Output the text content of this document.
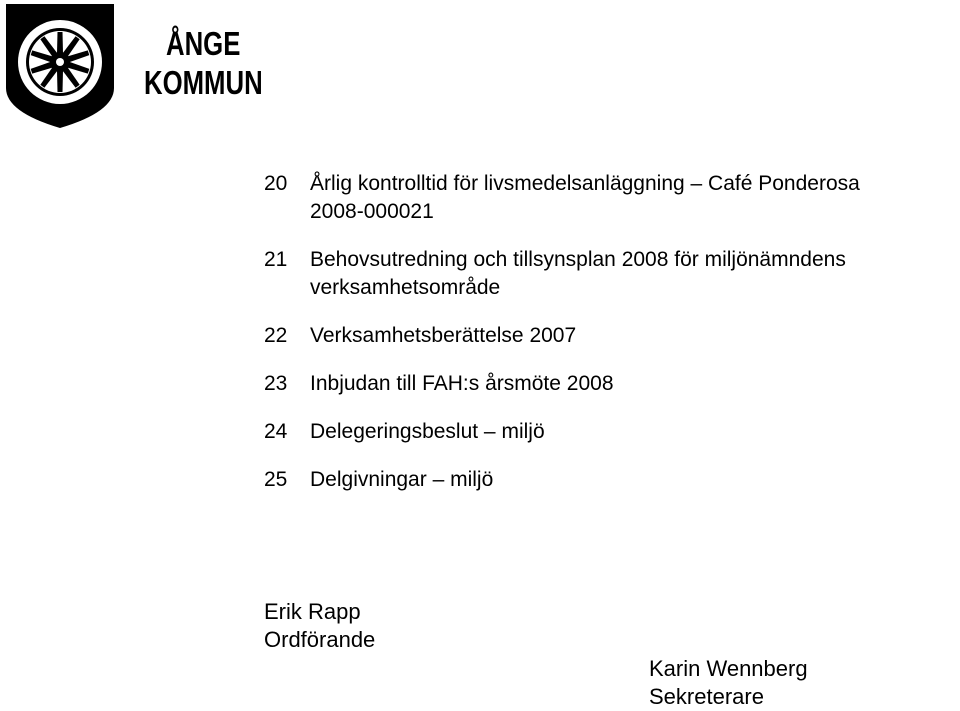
ÅNGE
KOMMUN
20	Årlig kontrolltid för livsmedelsanläggning – Café Ponderosa
2008-000021
21	Behovsutredning och tillsynsplan 2008 för miljönämndens
verksamhetsområde
22	Verksamhetsberättelse 2007
23	Inbjudan till FAH:s årsmöte 2008
24	Delegeringsbeslut – miljö
25	Delgivningar – miljö
Erik Rapp
Ordförande
Karin Wennberg
Sekreterare
